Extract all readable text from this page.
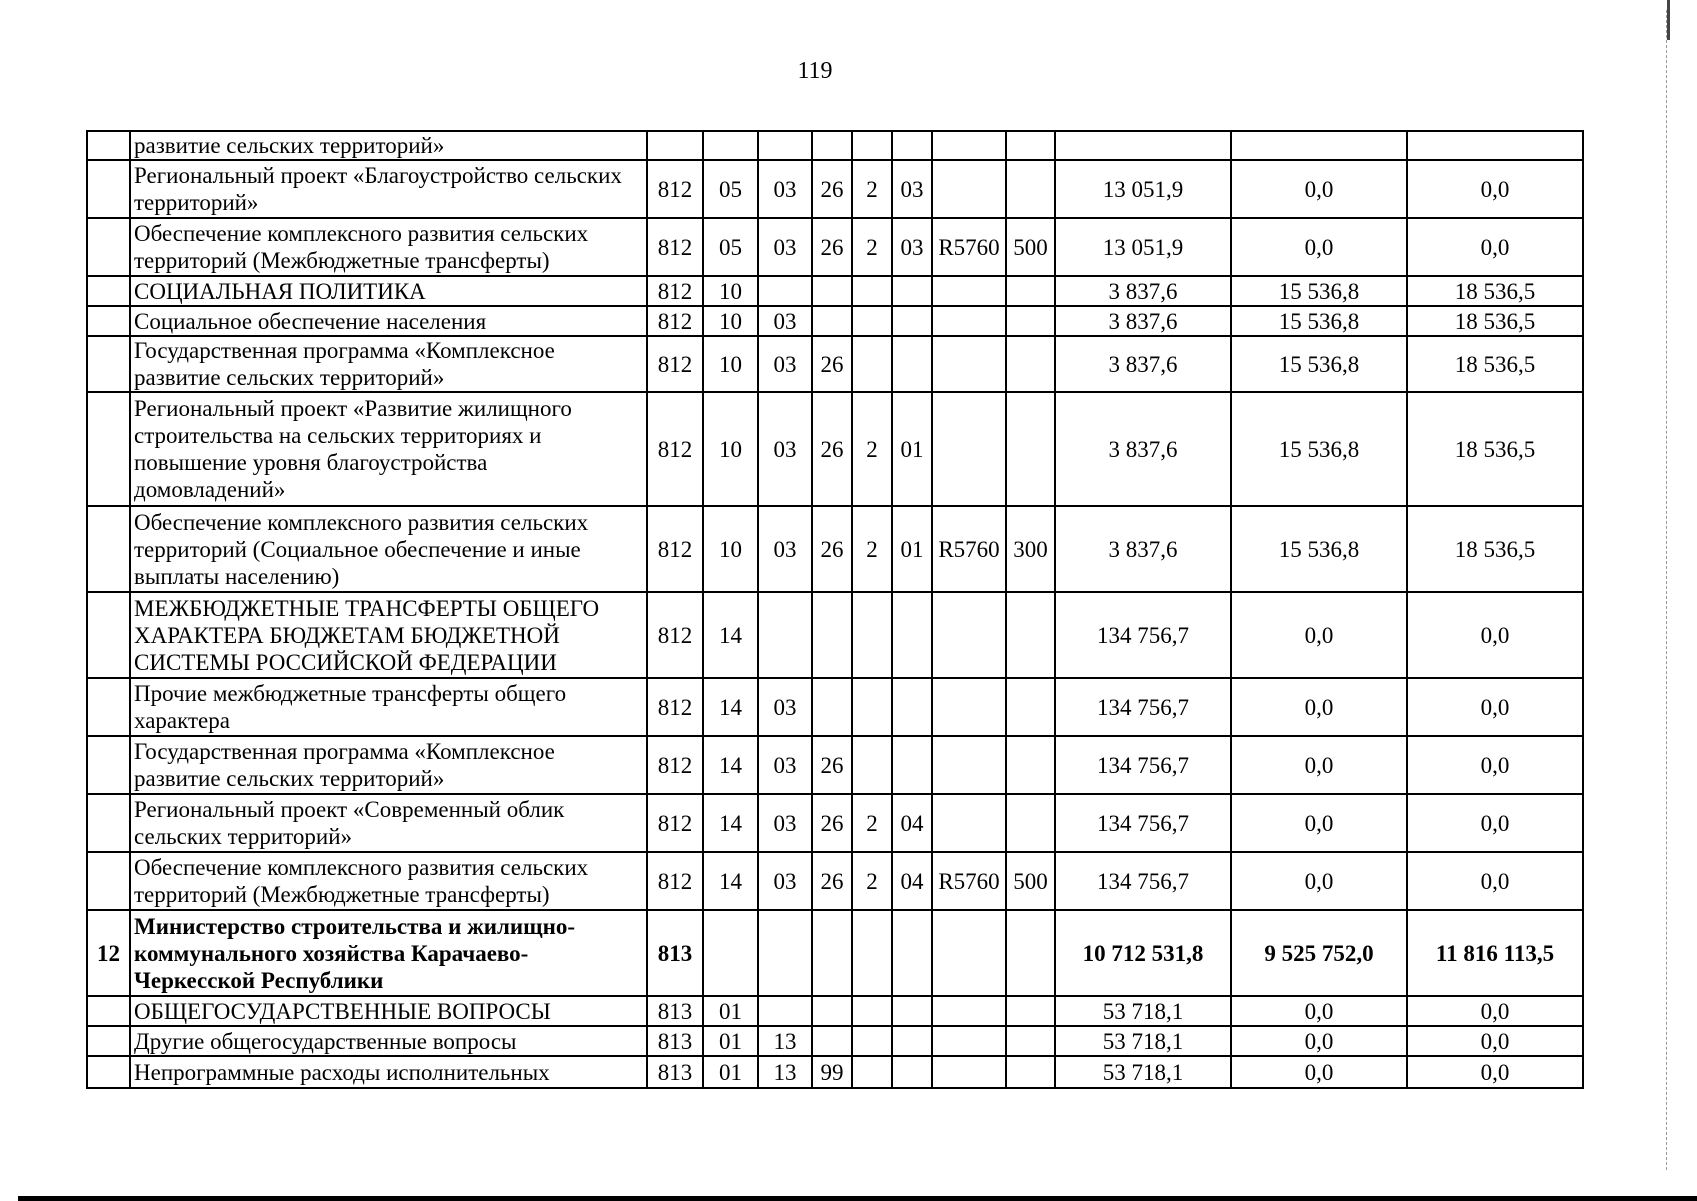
119
	развитие сельских территорий»											
	Региональный проект «Благоустройство сельских территорий»	812	05	03	26	2	03			13 051,9	0,0	0,0
	Обеспечение комплексного развития сельских территорий (Межбюджетные трансферты)	812	05	03	26	2	03	R5760	500	13 051,9	0,0	0,0
	СОЦИАЛЬНАЯ ПОЛИТИКА	812	10							3 837,6	15 536,8	18 536,5
	Социальное обеспечение населения	812	10	03						3 837,6	15 536,8	18 536,5
	Государственная программа «Комплексное развитие сельских территорий»	812	10	03	26					3 837,6	15 536,8	18 536,5
	Региональный проект «Развитие жилищного строительства на сельских территориях и повышение уровня благоустройства домовладений»	812	10	03	26	2	01			3 837,6	15 536,8	18 536,5
	Обеспечение комплексного развития сельских территорий (Социальное обеспечение и иные выплаты населению)	812	10	03	26	2	01	R5760	300	3 837,6	15 536,8	18 536,5
	МЕЖБЮДЖЕТНЫЕ ТРАНСФЕРТЫ ОБЩЕГО ХАРАКТЕРА БЮДЖЕТАМ БЮДЖЕТНОЙ СИСТЕМЫ РОССИЙСКОЙ ФЕДЕРАЦИИ	812	14							134 756,7	0,0	0,0
	Прочие межбюджетные трансферты общего характера	812	14	03						134 756,7	0,0	0,0
	Государственная программа «Комплексное развитие сельских территорий»	812	14	03	26					134 756,7	0,0	0,0
	Региональный проект «Современный облик сельских территорий»	812	14	03	26	2	04			134 756,7	0,0	0,0
	Обеспечение комплексного развития сельских территорий (Межбюджетные трансферты)	812	14	03	26	2	04	R5760	500	134 756,7	0,0	0,0
12	Министерство строительства и жилищно-коммунального хозяйства Карачаево-Черкесской Республики	813								10 712 531,8	9 525 752,0	11 816 113,5
	ОБЩЕГОСУДАРСТВЕННЫЕ ВОПРОСЫ	813	01							53 718,1	0,0	0,0
	Другие общегосударственные вопросы	813	01	13						53 718,1	0,0	0,0
	Непрограммные расходы исполнительных	813	01	13	99					53 718,1	0,0	0,0
